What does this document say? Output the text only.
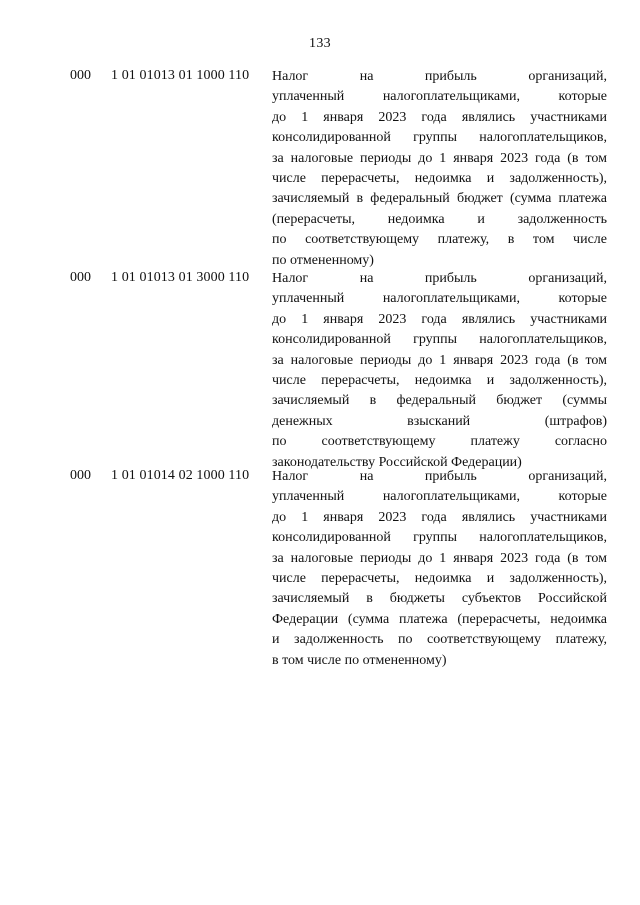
133
000 1 01 01013 01 1000 110 Налог на прибыль организаций,
уплаченный налогоплательщиками, которые
до 1 января 2023 года являлись участниками
консолидированной группы налогоплательщиков,
за налоговые периоды до 1 января 2023 года (в том
числе перерасчеты, недоимка и задолженность),
зачисляемый в федеральный бюджет (сумма платежа
(перерасчеты, недоимка и задолженность
по соответствующему платежу, в том числе
по отмененному)
000 1 01 01013 01 3000 110 Налог на прибыль организаций,
уплаченный налогоплательщиками, которые
до 1 января 2023 года являлись участниками
консолидированной группы налогоплательщиков,
за налоговые периоды до 1 января 2023 года (в том
числе перерасчеты, недоимка и задолженность),
зачисляемый в федеральный бюджет (суммы
денежных взысканий (штрафов)
по соответствующему платежу согласно
законодательству Российской Федерации)
000 1 01 01014 02 1000 110 Налог на прибыль организаций,
уплаченный налогоплательщиками, которые
до 1 января 2023 года являлись участниками
консолидированной группы налогоплательщиков,
за налоговые периоды до 1 января 2023 года (в том
числе перерасчеты, недоимка и задолженность),
зачисляемый в бюджеты субъектов Российской
Федерации (сумма платежа (перерасчеты, недоимка
и задолженность по соответствующему платежу,
в том числе по отмененному)
